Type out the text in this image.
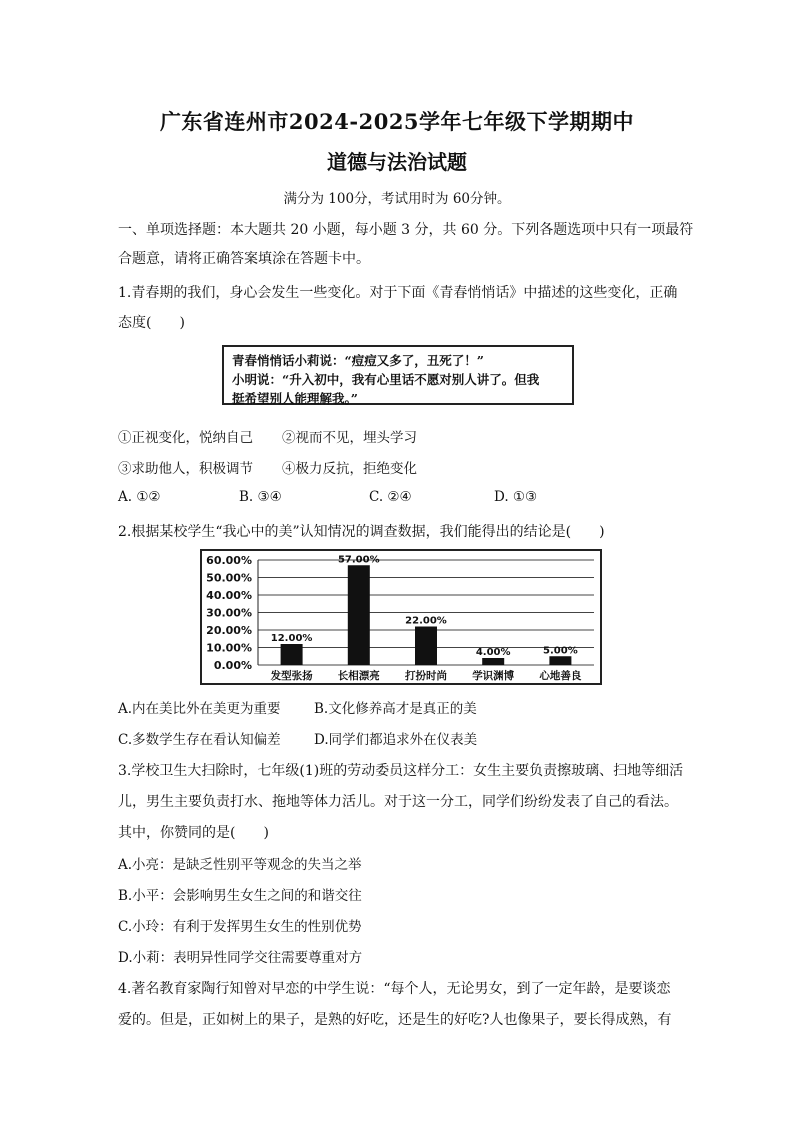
广东省连州市2024-2025学年七年级下学期期中
道德与法治试题
满分为 100分，考试用时为 60分钟。
一、单项选择题：本大题共 20 小题，每小题 3 分，共 60 分。下列各题选项中只有一项最符
合题意，请将正确答案填涂在答题卡中。
1.青春期的我们，身心会发生一些变化。对于下面《青春悄悄话》中描述的这些变化，正确
态度(　　)
青春悄悄话小莉说：“痘痘又多了，丑死了！”
小明说：“升入初中，我有心里话不愿对别人讲了。但我
挺希望别人能理解我。”
①正视变化，悦纳自己 ②视而不见，埋头学习
③求助他人，积极调节 ④极力反抗，拒绝变化
A. ①②	B. ③④	C. ②④	D. ①③
2.根据某校学生“我心中的美”认知情况的调查数据，我们能得出的结论是(　　)
0.00%
10.00%
20.00%
30.00%
40.00%
50.00%
60.00%
12.00%
发型张扬
57.00%
长相漂亮
22.00%
打扮时尚
4.00%
学识渊博
5.00%
心地善良
A.内在美比外在美更为重要 B.文化修养高才是真正的美
C.多数学生存在看认知偏差 D.同学们都追求外在仪表美
3.学校卫生大扫除时，七年级(1)班的劳动委员这样分工：女生主要负责擦玻璃、扫地等细活
儿，男生主要负责打水、拖地等体力活儿。对于这一分工，同学们纷纷发表了自己的看法。
其中，你赞同的是(　　)
A.小亮：是缺乏性别平等观念的失当之举
B.小平：会影响男生女生之间的和谐交往
C.小玲：有利于发挥男生女生的性别优势
D.小莉：表明异性同学交往需要尊重对方
4.著名教育家陶行知曾对早恋的中学生说：“每个人，无论男女，到了一定年龄，是要谈恋
爱的。但是，正如树上的果子，是熟的好吃，还是生的好吃?人也像果子，要长得成熟，有
